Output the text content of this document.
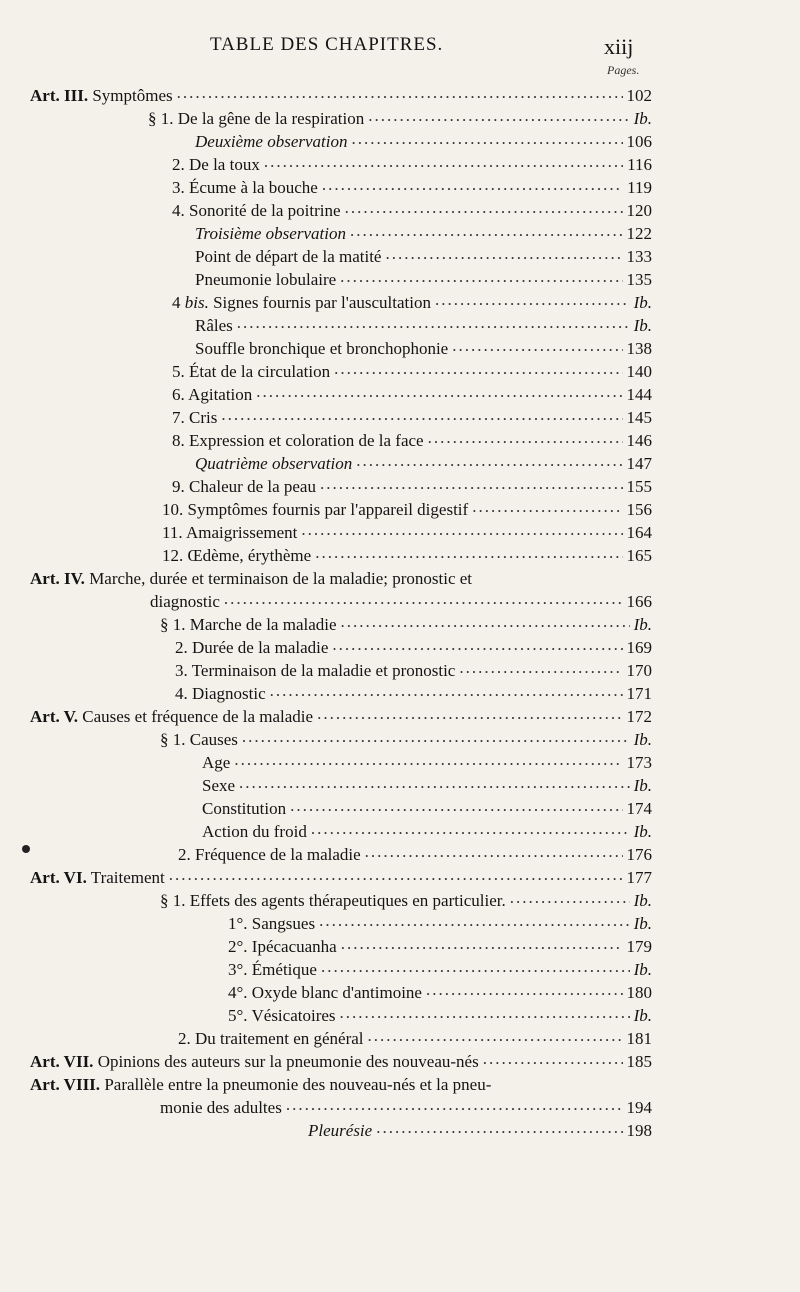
TABLE DES CHAPITRES.	xiij
Pages.
Art. III. Symptômes .....	102
§ 1. De la gêne de la respiration .....	Ib.
Deuxième observation .....	106
2. De la toux .....	116
3. Écume à la bouche .....	119
4. Sonorité de la poitrine .....	120
Troisième observation .....	122
Point de départ de la matité .....	133
Pneumonie lobulaire .....	135
4 bis. Signes fournis par l'auscultation .....	Ib.
Râles .....	Ib.
Souffle bronchique et bronchophonie .....	138
5. État de la circulation .....	140
6. Agitation .....	144
7. Cris .....	145
8. Expression et coloration de la face .....	146
Quatrième observation .....	147
9. Chaleur de la peau .....	155
10. Symptômes fournis par l'appareil digestif .....	156
11. Amaigrissement .....	164
12. Œdème, érythème .....	165
Art. IV. Marche, durée et terminaison de la maladie; pronostic et
diagnostic .....	166
§ 1. Marche de la maladie .....	Ib.
2. Durée de la maladie .....	169
3. Terminaison de la maladie et pronostic .....	170
4. Diagnostic .....	171
Art. V. Causes et fréquence de la maladie .....	172
§ 1. Causes .....	Ib.
Age .....	173
Sexe .....	Ib.
Constitution .....	174
Action du froid .....	Ib.
2. Fréquence de la maladie .....	176
Art. VI. Traitement .....	177
§ 1. Effets des agents thérapeutiques en particulier. .....	Ib.
1°. Sangsues .....	Ib.
2°. Ipécacuanha .....	179
3°. Émétique .....	Ib.
4°. Oxyde blanc d'antimoine .....	180
5°. Vésicatoires .....	Ib.
2. Du traitement en général .....	181
Art. VII. Opinions des auteurs sur la pneumonie des nouveau-nés .....	185
Art. VIII. Parallèle entre la pneumonie des nouveau-nés et la pneu-
monie des adultes .....	194
Pleurésie .....	198
